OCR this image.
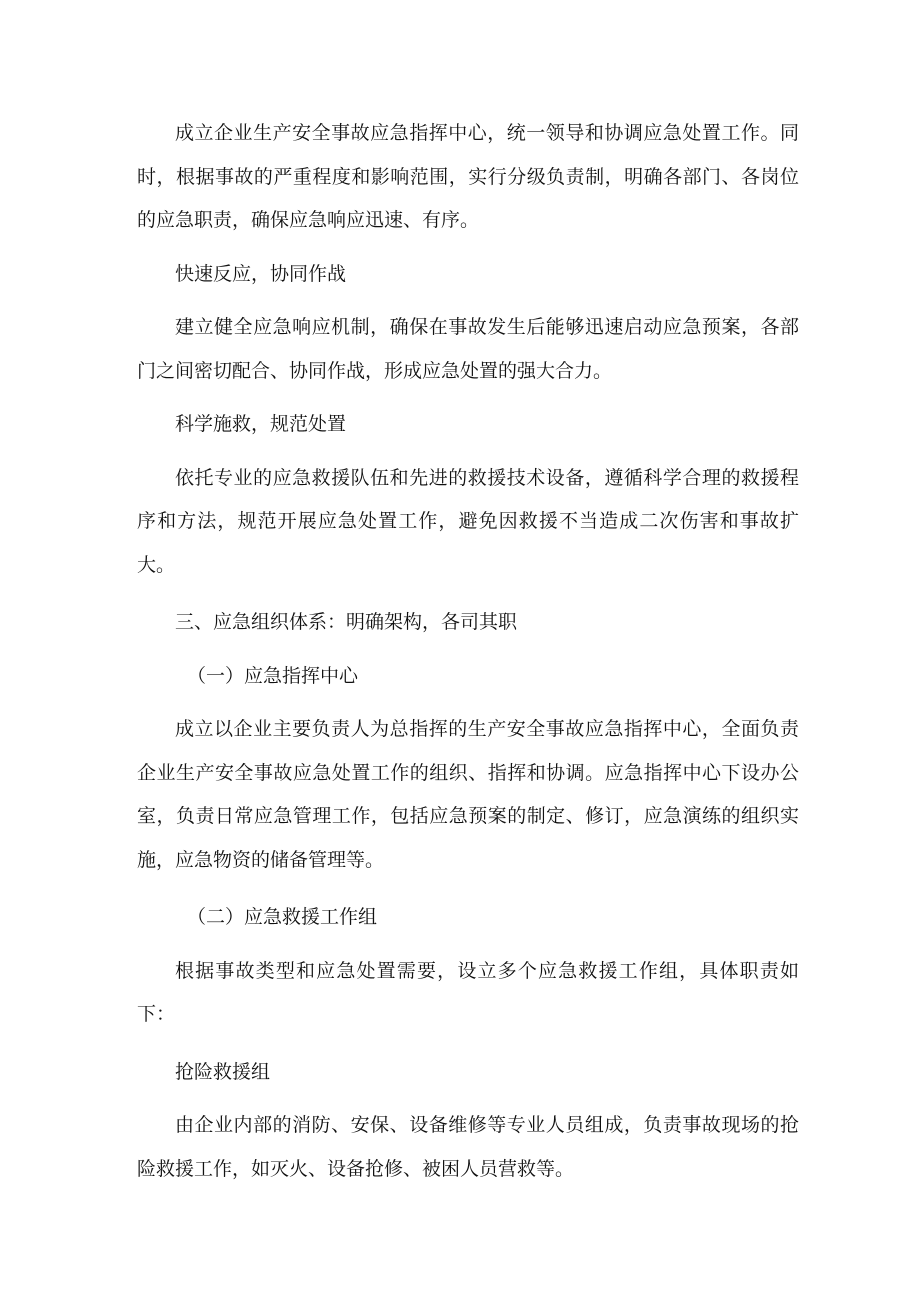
成立企业生产安全事故应急指挥中心，统一领导和协调应急处置工作。同时，根据事故的严重程度和影响范围，实行分级负责制，明确各部门、各岗位的应急职责，确保应急响应迅速、有序。

快速反应，协同作战

建立健全应急响应机制，确保在事故发生后能够迅速启动应急预案，各部门之间密切配合、协同作战，形成应急处置的强大合力。

科学施救，规范处置

依托专业的应急救援队伍和先进的救援技术设备，遵循科学合理的救援程序和方法，规范开展应急处置工作，避免因救援不当造成二次伤害和事故扩大。

三、应急组织体系：明确架构，各司其职

（一）应急指挥中心

成立以企业主要负责人为总指挥的生产安全事故应急指挥中心，全面负责企业生产安全事故应急处置工作的组织、指挥和协调。应急指挥中心下设办公室，负责日常应急管理工作，包括应急预案的制定、修订，应急演练的组织实施，应急物资的储备管理等。

（二）应急救援工作组

根据事故类型和应急处置需要，设立多个应急救援工作组，具体职责如下：

抢险救援组

由企业内部的消防、安保、设备维修等专业人员组成，负责事故现场的抢险救援工作，如灭火、设备抢修、被困人员营救等。
